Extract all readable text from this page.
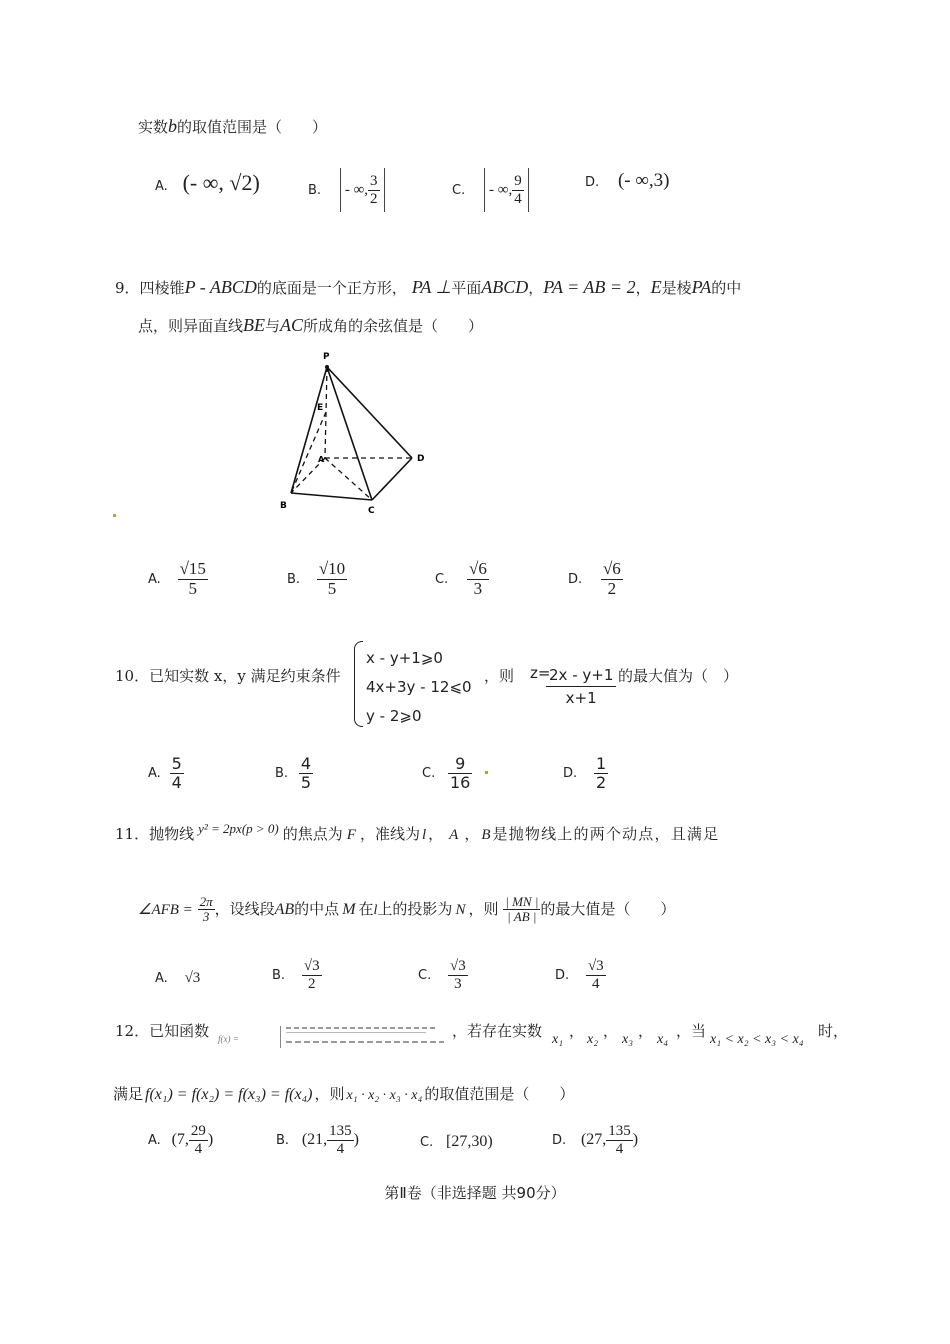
实数b的取值范围是（　　）
A. (- ∞, √2)	B. - ∞, $\frac{3}{2}$	C. - ∞, $\frac{9}{4}$	D. (- ∞,3)
9．四棱锥P - ABCD的底面是一个正方形， PA ⊥平面ABCD，PA = AB = 2，E是棱PA的中
点，则异面直线BE与AC所成角的余弦值是（　　）
P
E
A
B	C
D
A. $\frac{√15}{5}$	B. $\frac{√10}{5}$	C. $\frac{√6}{3}$	D. $\frac{√6}{2}$
10．已知实数 x，y 满足约束条件
x - y+1⩾0
4x+3y - 12⩽0
y - 2⩾0
，则 z=
2x - y+1
x+1
的最大值为（　）
A. $\frac{5}{4}$	B. $\frac{4}{5}$	C. $\frac{9}{16}$	D. $\frac{1}{2}$
11．抛物线 y² = 2px(p > 0) 的焦点为 F ，准线为 l ， A ， B 是抛物线上的两个动点，且满足
∠AFB = $\frac{2\pi}{3}$ ，设线段AB的中点 M 在l上的投影为 N ，则 $\frac{| MN |}{| AB |}$ 的最大值是（　　）
A. √3	B. $\frac{√3}{2}$	C. $\frac{√3}{3}$	D. $\frac{√3}{4}$
12．已知函数 f(x) =	，若存在实数 x₁ ， x₂ ， x₃ ， x₄ ，当 x₁ < x₂ < x₃ < x₄ 时，
满足 f(x₁) = f(x₂) = f(x₃) = f(x₄) ，则 x₁ · x₂ · x₃ · x₄ 的取值范围是（　　）
A. (7, $\frac{29}{4}$ )	B. (21, $\frac{135}{4}$ )	C. [27,30)	D. (27, $\frac{135}{4}$ )
第Ⅱ卷（非选择题 共90分）
